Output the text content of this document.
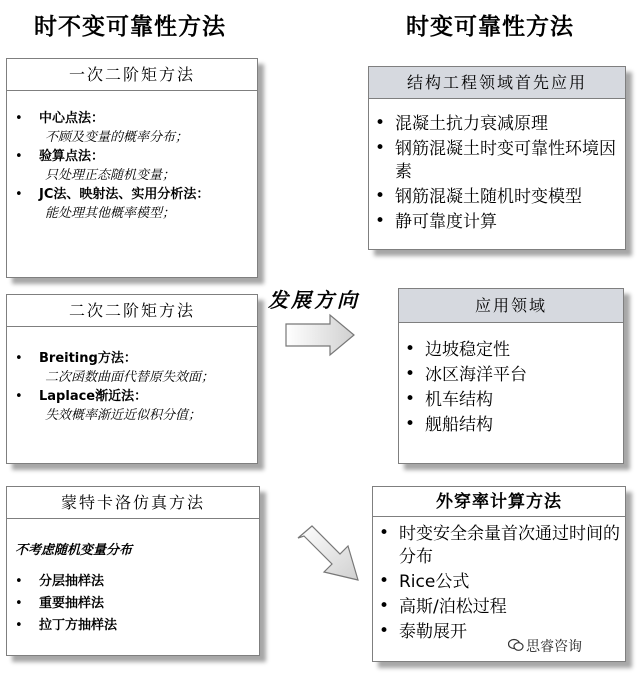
时不变可靠性方法	时变可靠性方法
一次二阶矩方法
•	中心点法：
不顾及变量的概率分布；
•	验算点法：
只处理正态随机变量；
•	JC法、映射法、实用分析法：
能处理其他概率模型；
二次二阶矩方法
•	Breiting方法：
二次函数曲面代替原失效面；
•	Laplace渐近法：
失效概率渐近近似积分值；
蒙特卡洛仿真方法
不考虑随机变量分布
•	分层抽样法
•	重要抽样法
•	拉丁方抽样法
结构工程领域首先应用
• 混凝土抗力衰减原理
• 钢筋混凝土时变可靠性环境因素
• 钢筋混凝土随机时变模型
• 静可靠度计算
应用领域
• 边坡稳定性
• 冰区海洋平台
• 机车结构
• 舰船结构
外穿率计算方法
• 时变安全余量首次通过时间的分布
• Rice公式
• 高斯/泊松过程
• 泰勒展开
发展方向
思睿咨询
